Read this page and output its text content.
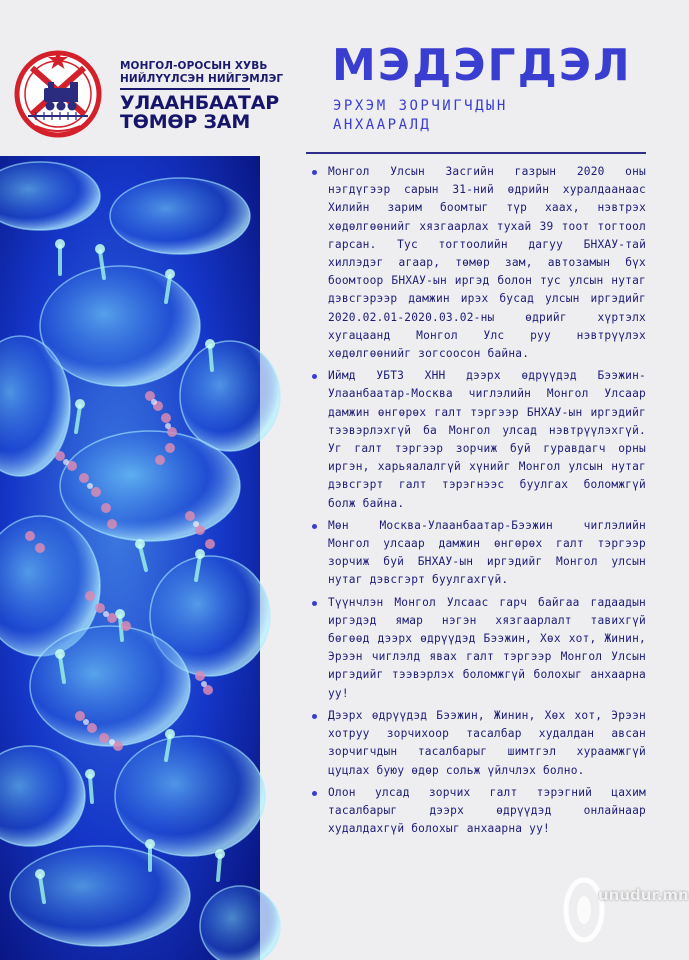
МОНГОЛ-ОРОСЫН ХУВЬ
НИЙЛҮҮЛСЭН НИЙГЭМЛЭГ
УЛААНБААТАР
ТӨМӨР ЗАМ
МЭДЭГДЭЛ
ЭРХЭМ ЗОРЧИГЧДЫН
АНХААРАЛД
Монгол Улсын Засгийн газрын 2020 оны нэгдүгээр сарын 31-ний өдрийн хуралдаанаас Хилийн зарим боомтыг түр хаах, нэвтрэх хөдөлгөөнийг хязгаарлах тухай 39 тоот тогтоол гарсан. Тус тогтоолийн дагуу БНХАУ-тай хиллэдэг агаар, төмөр зам, автозамын бүх боомтоор БНХАУ-ын иргэд болон тус улсын нутаг дэвсгэрээр дамжин ирэх бусад улсын иргэдийг 2020.02.01-2020.03.02-ны өдрийг хүртэлх хугацаанд Монгол Улс руу нэвтрүүлэх хөдөлгөөнийг зогсоосон байна.
Иймд УБТЗ ХНН дээрх өдрүүдэд Бээжин-Улаанбаатар-Москва чиглэлийн Монгол Улсаар дамжин өнгөрөх галт тэргээр БНХАУ-ын иргэдийг тээвэрлэхгүй ба Монгол улсад нэвтрүүлэхгүй. Уг галт тэргээр зорчиж буй гуравдагч орны иргэн, харьяалалгүй хүнийг Монгол улсын нутаг дэвсгэрт галт тэрэгнээс буулгах боломжгүй болж байна.
Мөн Москва-Улаанбаатар-Бээжин чиглэлийн Монгол улсаар дамжин өнгөрөх галт тэргээр зорчиж буй БНХАУ-ын иргэдийг Монгол улсын нутаг дэвсгэрт буулгахгүй.
Түүнчлэн Монгол Улсаас гарч байгаа гадаадын иргэдэд ямар нэгэн хязгаарлалт тавихгүй бөгөөд дээрх өдрүүдэд Бээжин, Хөх хот, Жинин, Эрээн чиглэлд явах галт тэргээр Монгол Улсын иргэдийг тээвэрлэх боломжгүй болохыг анхаарна уу!
Дээрх өдрүүдэд Бээжин, Жинин, Хөх хот, Эрээн хотруу зорчихоор тасалбар худалдан авсан зорчигчдын тасалбарыг шимтгэл хураамжгүй цуцлах буюу өдөр сольж үйлчлэх болно.
Олон улсад зорчих галт тэрэгний цахим тасалбарыг дээрх өдрүүдэд онлайнаар худалдахгүй болохыг анхаарна уу!
unudur.mn
